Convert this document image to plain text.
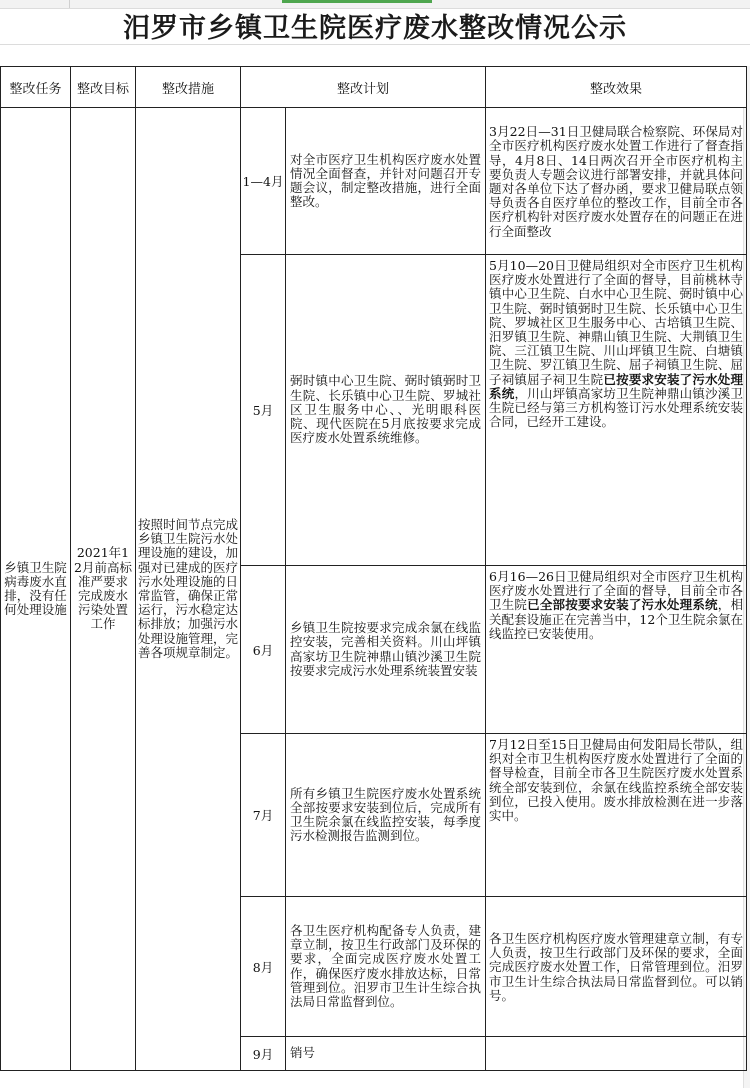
汨罗市乡镇卫生院医疗废水整改情况公示
整改任务	整改目标	整改措施	整改计划		整改效果

乡镇卫生院病毒废水直排，没有任何处理设施	2021年12月前高标准严要求完成废水污染处置工作	按照时间节点完成乡镇卫生院污水处理设施的建设，加强对已建成的医疗污水处理设施的日常监管，确保正常运行，污水稳定达标排放；加强污水处理设施管理，完善各项规章制定。	1—4月	对全市医疗卫生机构医疗废水处置情况全面督查，并针对问题召开专题会议，制定整改措施，进行全面整改。	3月22日—31日卫健局联合检察院、环保局对全市医疗机构医疗废水处置工作进行了督查指导，4月8日、14日两次召开全市医疗机构主要负责人专题会议进行部署安排，并就具体问题对各单位下达了督办函，要求卫健局联点领导负责各自医疗单位的整改工作，目前全市各医疗机构针对医疗废水处置存在的问题正在进行全面整改

			5月	弼时镇中心卫生院、弼时镇弼时卫生院、长乐镇中心卫生院、罗城社区卫生服务中心、、光明眼科医院、现代医院在5月底按要求完成医疗废水处置系统维修。	5月10—20日卫健局组织对全市医疗卫生机构医疗废水处置进行了全面的督导，目前桃林寺镇中心卫生院、白水中心卫生院、弼时镇中心卫生院、弼时镇弼时卫生院、长乐镇中心卫生院、罗城社区卫生服务中心、古培镇卫生院、汨罗镇卫生院、神鼎山镇卫生院、大荆镇卫生院、三江镇卫生院、川山坪镇卫生院、白塘镇卫生院、罗江镇卫生院、屈子祠镇卫生院、屈子祠镇屈子祠卫生院已按要求安装了污水处理系统，川山坪镇高家坊卫生院神鼎山镇沙溪卫生院已经与第三方机构签订污水处理系统安装合同，已经开工建设。

			6月	乡镇卫生院按要求完成余氯在线监控安装，完善相关资料。川山坪镇高家坊卫生院神鼎山镇沙溪卫生院按要求完成污水处理系统装置安装	6月16—26日卫健局组织对全市医疗卫生机构医疗废水处置进行了全面的督导，目前全市各卫生院已全部按要求安装了污水处理系统，相关配套设施正在完善当中，12个卫生院余氯在线监控已安装使用。

			7月	所有乡镇卫生院医疗废水处置系统全部按要求安装到位后，完成所有卫生院余氯在线监控安装，每季度污水检测报告监测到位。	7月12日至15日卫健局由何发阳局长带队，组织对全市卫生机构医疗废水处置进行了全面的督导检查，目前全市各卫生院医疗废水处置系统全部安装到位，余氯在线监控系统全部安装到位，已投入使用。废水排放检测在进一步落实中。

			8月	各卫生医疗机构配备专人负责，建章立制，按卫生行政部门及环保的要求，全面完成医疗废水处置工作，确保医疗废水排放达标，日常管理到位。汨罗市卫生计生综合执法局日常监督到位。	各卫生医疗机构医疗废水管理建章立制，有专人负责，按卫生行政部门及环保的要求，全面完成医疗废水处置工作，日常管理到位。汨罗市卫生计生综合执法局日常监督到位。可以销号。

			9月	销号	
